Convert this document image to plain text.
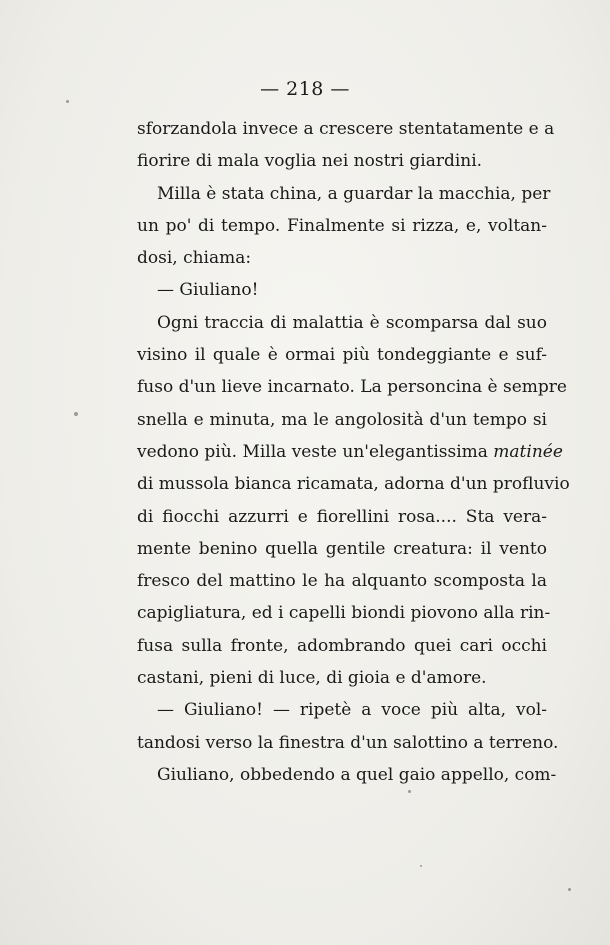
— 218 —
sforzandola invece a crescere stentatamente e a
fiorire di mala voglia nei nostri giardini.
Milla è stata china, a guardar la macchia, per
un po' di tempo. Finalmente si rizza, e, voltan-
dosi, chiama:
— Giuliano!
Ogni traccia di malattia è scomparsa dal suo
visino il quale è ormai più tondeggiante e suf-
fuso d'un lieve incarnato. La personcina è sempre
snella e minuta, ma le angolosità d'un tempo si
vedono più. Milla veste un'elegantissima matinée
di mussola bianca ricamata, adorna d'un profluvio
di fiocchi azzurri e fiorellini rosa.... Sta vera-
mente benino quella gentile creatura: il vento
fresco del mattino le ha alquanto scomposta la
capigliatura, ed i capelli biondi piovono alla rin-
fusa sulla fronte, adombrando quei cari occhi
castani, pieni di luce, di gioia e d'amore.
— Giuliano! — ripetè a voce più alta, vol-
tandosi verso la finestra d'un salottino a terreno.
Giuliano, obbedendo a quel gaio appello, com-
